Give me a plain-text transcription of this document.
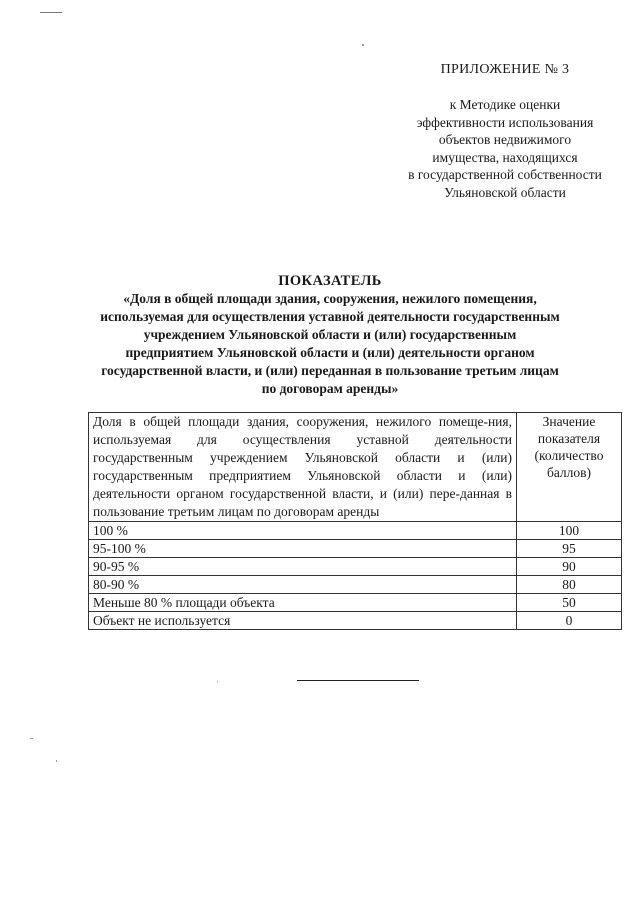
ПРИЛОЖЕНИЕ № 3
к Методике оценки
эффективности использования
объектов недвижимого
имущества, находящихся
в государственной собственности
Ульяновской области
ПОКАЗАТЕЛЬ
«Доля в общей площади здания, сооружения, нежилого помещения,
используемая для осуществления уставной деятельности государственным
учреждением Ульяновской области и (или) государственным
предприятием Ульяновской области и (или) деятельности органом
государственной власти, и (или) переданная в пользование третьим лицам
по договорам аренды»
Доля в общей площади здания, сооружения, нежилого помеще-ния, используемая для осуществления уставной деятельности государственным учреждением Ульяновской области и (или) государственным предприятием Ульяновской области и (или) деятельности органом государственной власти, и (или) пере-данная в пользование третьим лицам по договорам аренды	Значение показателя (количество баллов)
100 %	100
95-100 %	95
90-95 %	90
80-90 %	80
Меньше 80 % площади объекта	50
Объект не используется	0
ˌ
